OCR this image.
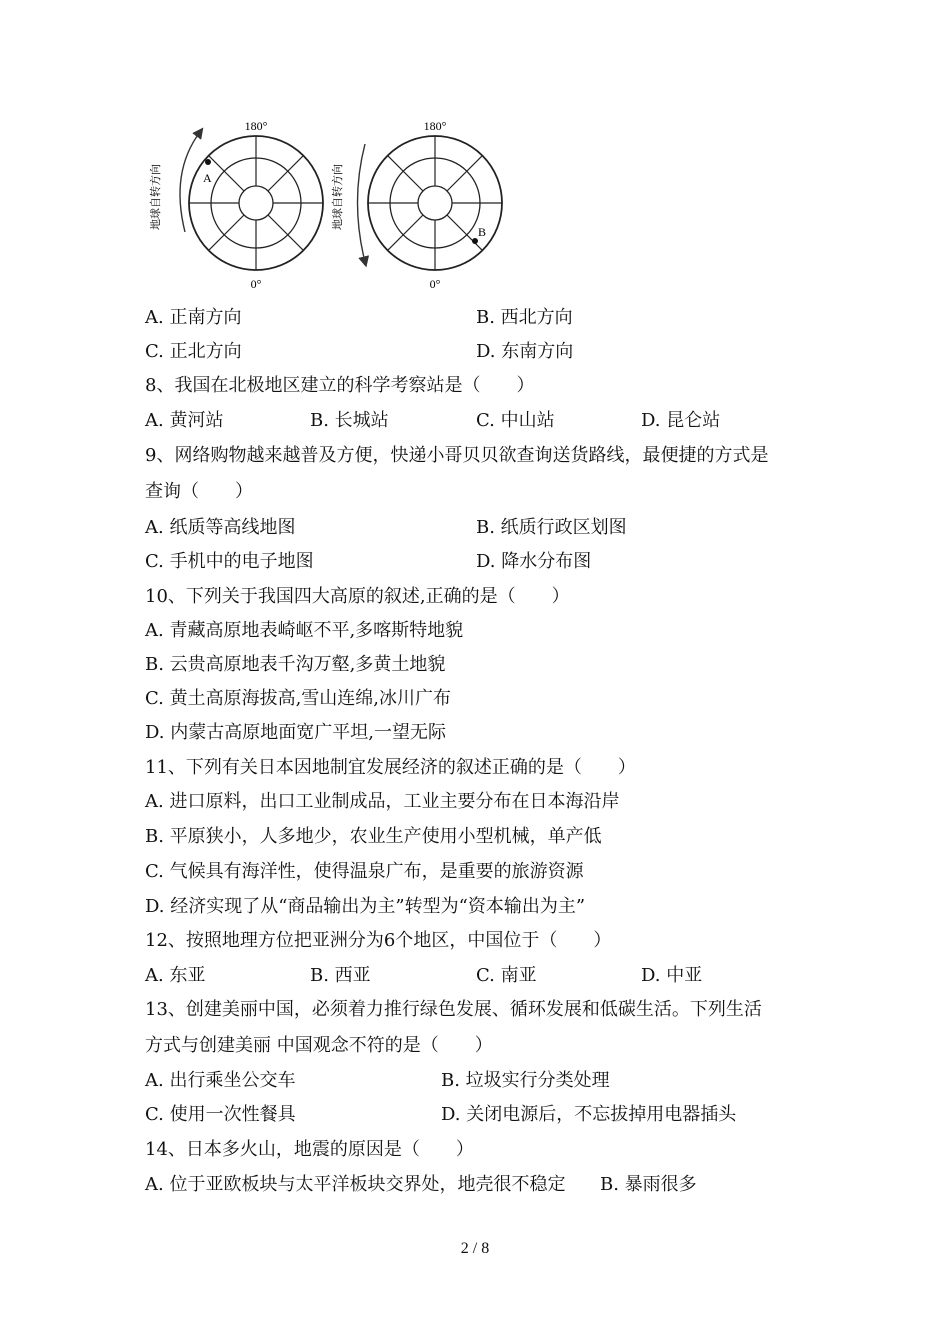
A
180°
0°
地球自转方向
B
180°
0°
地球自转方向
A. 正南方向	B. 西北方向
C. 正北方向	D. 东南方向
8、我国在北极地区建立的科学考察站是（　　）
A. 黄河站	B. 长城站	C. 中山站	D. 昆仑站
9、网络购物越来越普及方便，快递小哥贝贝欲查询送货路线，最便捷的方式是
查询（　　）
A. 纸质等高线地图	B. 纸质行政区划图
C. 手机中的电子地图	D. 降水分布图
10、下列关于我国四大高原的叙述,正确的是（　　）
A. 青藏高原地表崎岖不平,多喀斯特地貌
B. 云贵高原地表千沟万壑,多黄土地貌
C. 黄土高原海拔高,雪山连绵,冰川广布
D. 内蒙古高原地面宽广平坦,一望无际
11、下列有关日本因地制宜发展经济的叙述正确的是（　　）
A. 进口原料，出口工业制成品，工业主要分布在日本海沿岸
B. 平原狭小，人多地少，农业生产使用小型机械，单产低
C. 气候具有海洋性，使得温泉广布，是重要的旅游资源
D. 经济实现了从“商品输出为主”转型为“资本输出为主”
12、按照地理方位把亚洲分为6个地区，中国位于（　　）
A. 东亚	B. 西亚	C. 南亚	D. 中亚
13、创建美丽中国，必须着力推行绿色发展、循环发展和低碳生活。下列生活
方式与创建美丽 中国观念不符的是（　　）
A. 出行乘坐公交车	B. 垃圾实行分类处理
C. 使用一次性餐具	D. 关闭电源后，不忘拔掉用电器插头
14、日本多火山，地震的原因是（　　）
A. 位于亚欧板块与太平洋板块交界处，地壳很不稳定 B. 暴雨很多
2 / 8
